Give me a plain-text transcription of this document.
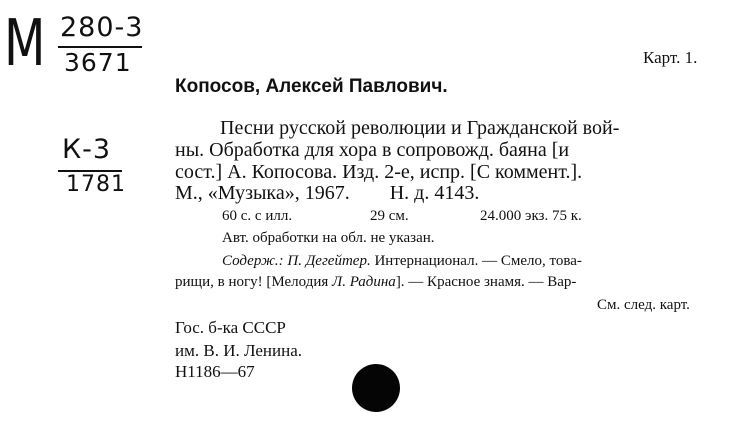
М 280-3
3671
К-3
1781
Карт. 1.
Копосов, Алексей Павлович.
Песни русской революции и Гражданской вой-
ны. Обработка для хора в сопровожд. баяна [и
сост.] А. Копосова. Изд. 2-е, испр. [С коммент.].
М., «Музыка», 1967.        Н. д. 4143.
60 с. с илл.	29 см.	24.000 экз. 75 к.
Авт. обработки на обл. не указан.
Содерж.: П. Дегейтер. Интернационал. — Смело, това-
рищи, в ногу! [Мелодия Л. Радина]. — Красное знамя. — Вар-
См. след. карт.
Гос. б-ка СССР
им. В. И. Ленина.
Н1186—67
